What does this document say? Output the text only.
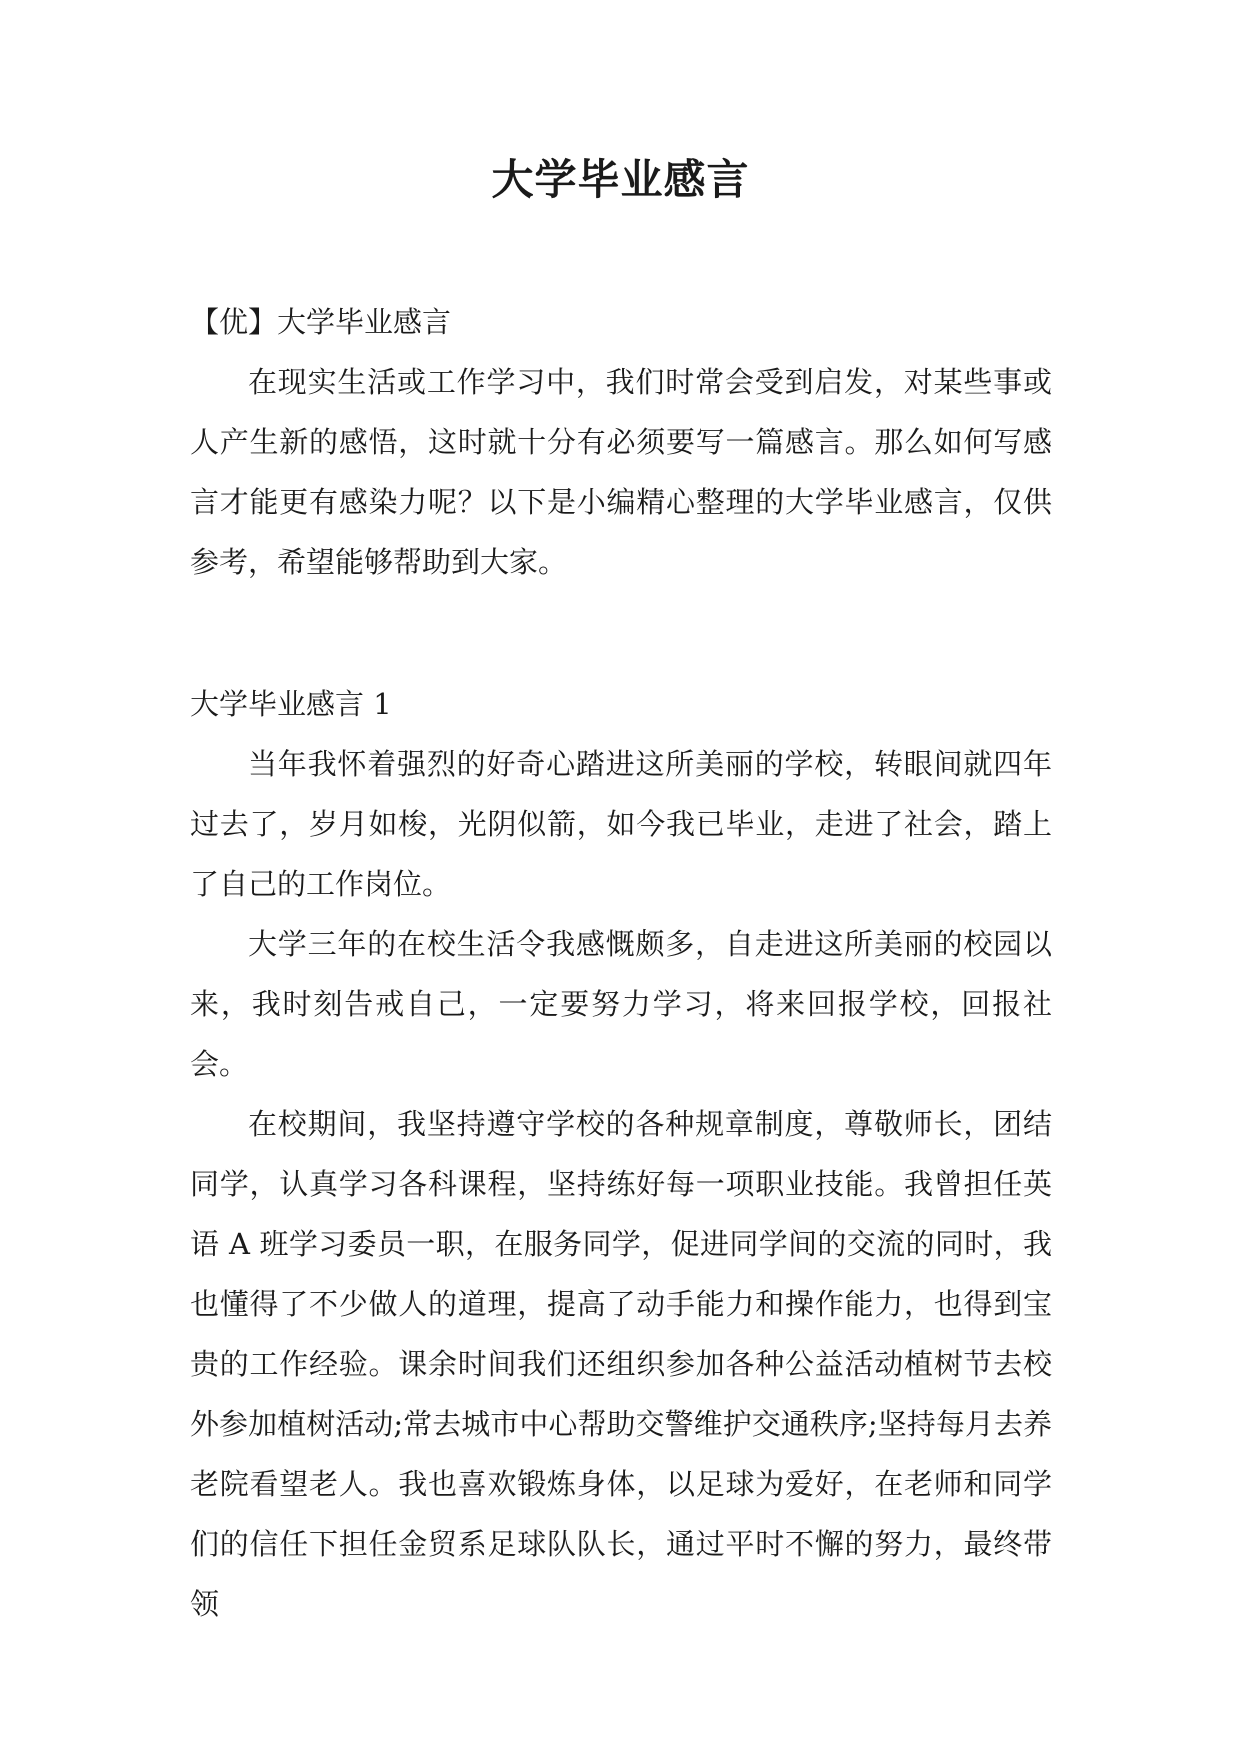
大学毕业感言

【优】大学毕业感言

在现实生活或工作学习中，我们时常会受到启发，对某些事或人产生新的感悟，这时就十分有必须要写一篇感言。那么如何写感言才能更有感染力呢？以下是小编精心整理的大学毕业感言，仅供参考，希望能够帮助到大家。

大学毕业感言 1

当年我怀着强烈的好奇心踏进这所美丽的学校，转眼间就四年过去了，岁月如梭，光阴似箭，如今我已毕业，走进了社会，踏上了自己的工作岗位。

大学三年的在校生活令我感慨颇多，自走进这所美丽的校园以来，我时刻告戒自己，一定要努力学习，将来回报学校，回报社会。

在校期间，我坚持遵守学校的各种规章制度，尊敬师长，团结同学，认真学习各科课程，坚持练好每一项职业技能。我曾担任英语 A 班学习委员一职，在服务同学，促进同学间的交流的同时，我也懂得了不少做人的道理，提高了动手能力和操作能力，也得到宝贵的工作经验。课余时间我们还组织参加各种公益活动植树节去校外参加植树活动;常去城市中心帮助交警维护交通秩序;坚持每月去养老院看望老人。我也喜欢锻炼身体，以足球为爱好，在老师和同学们的信任下担任金贸系足球队队长，通过平时不懈的努力，最终带领
